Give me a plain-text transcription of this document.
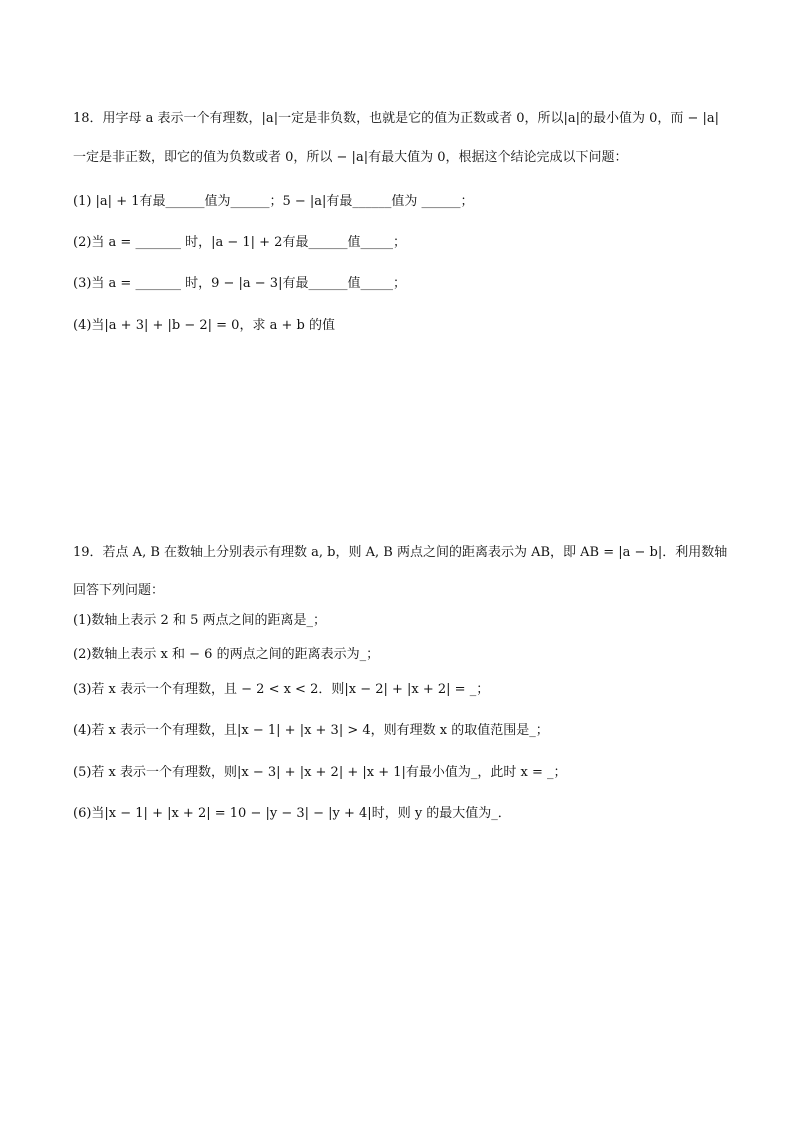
18．用字母 a 表示一个有理数，|a|一定是非负数，也就是它的值为正数或者 0，所以|a|的最小值为 0，而 − |a|
一定是非正数，即它的值为负数或者 0，所以 − |a|有最大值为 0，根据这个结论完成以下问题：
(1) |a| + 1有最______值为______；5 − |a|有最______值为 ______；
(2)当 a = _______ 时，|a − 1| + 2有最______值_____；
(3)当 a = _______ 时，9 − |a − 3|有最______值_____；
(4)当|a + 3| + |b − 2| = 0，求 a + b 的值
19．若点 A, B 在数轴上分别表示有理数 a, b，则 A, B 两点之间的距离表示为 AB，即 AB = |a − b|．利用数轴
回答下列问题：
(1)数轴上表示 2 和 5 两点之间的距离是_；
(2)数轴上表示 x 和 − 6 的两点之间的距离表示为_；
(3)若 x 表示一个有理数，且 − 2 < x < 2．则|x − 2| + |x + 2| = _；
(4)若 x 表示一个有理数，且|x − 1| + |x + 3| > 4，则有理数 x 的取值范围是_；
(5)若 x 表示一个有理数，则|x − 3| + |x + 2| + |x + 1|有最小值为_，此时 x = _；
(6)当|x − 1| + |x + 2| = 10 − |y − 3| − |y + 4|时，则 y 的最大值为_．
